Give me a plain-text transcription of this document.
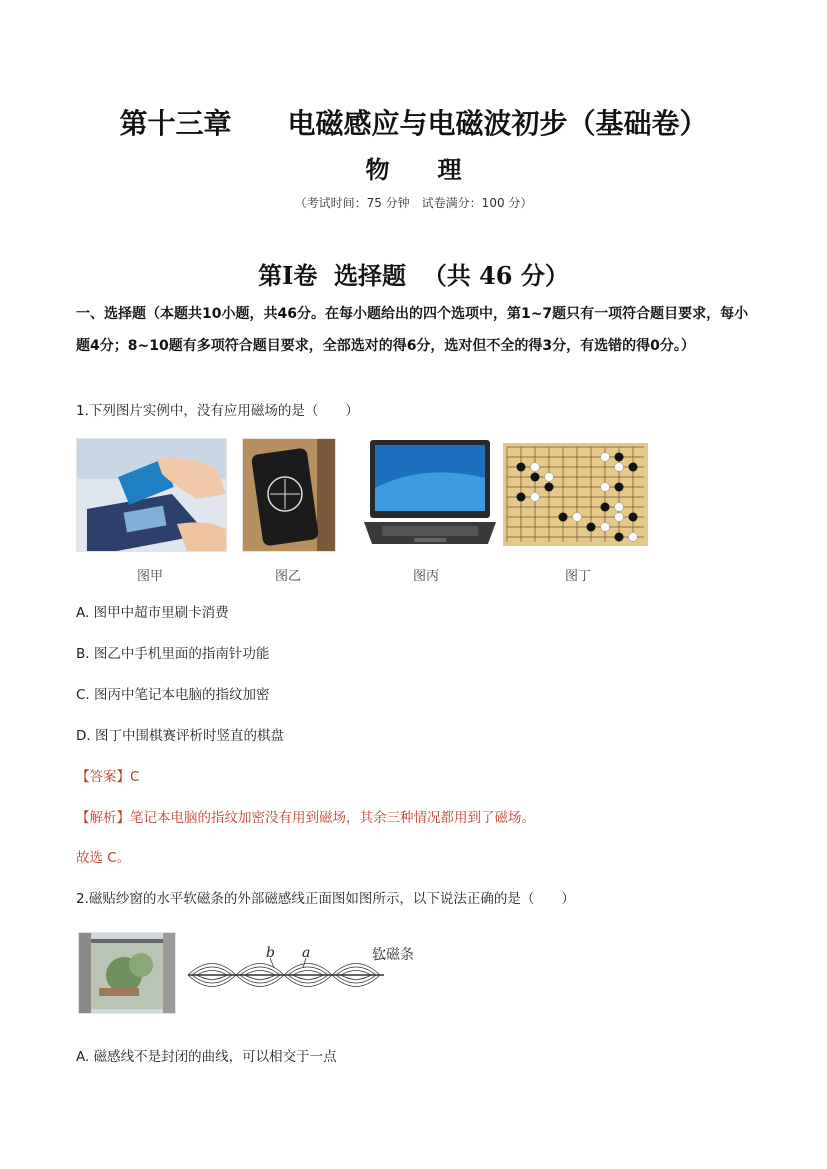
第十三章　　电磁感应与电磁波初步（基础卷）
物　　理
（考试时间：75 分钟　试卷满分：100 分）
第Ⅰ卷  选择题  （共 46 分）
一、选择题（本题共10小题，共46分。在每小题给出的四个选项中，第1~7题只有一项符合题目要求，每小题4分；8~10题有多项符合题目要求，全部选对的得6分，选对但不全的得3分，有选错的得0分。）
1.下列图片实例中，没有应用磁场的是（　　）
图甲	图乙	图丙	图丁
A. 图甲中超市里刷卡消费
B. 图乙中手机里面的指南针功能
C. 图丙中笔记本电脑的指纹加密
D. 图丁中围棋赛评析时竖直的棋盘
【答案】C
【解析】笔记本电脑的指纹加密没有用到磁场，其余三种情况都用到了磁场。
故选 C。
2.磁贴纱窗的水平软磁条的外部磁感线正面图如图所示，以下说法正确的是（　　）
b a	软磁条
A. 磁感线不是封闭的曲线，可以相交于一点
